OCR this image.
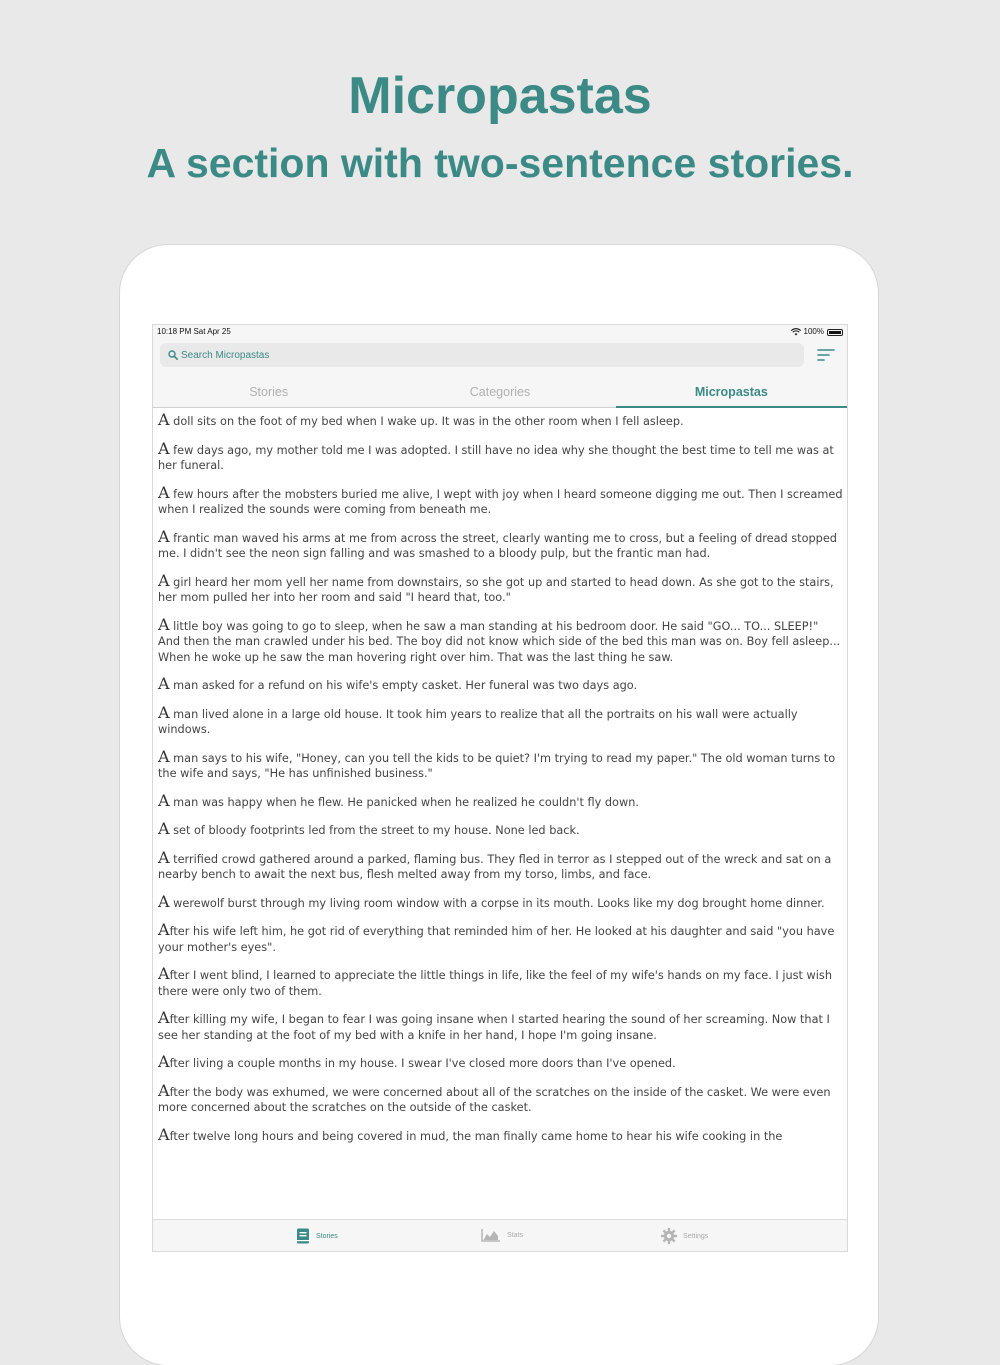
Micropastas
A section with two-sentence stories.
10:18 PM Sat Apr 25	100%
Search Micropastas
Stories	Categories	Micropastas

A doll sits on the foot of my bed when I wake up. It was in the other room when I fell asleep.

A few days ago, my mother told me I was adopted. I still have no idea why she thought the best time to tell me was at her funeral.

A few hours after the mobsters buried me alive, I wept with joy when I heard someone digging me out. Then I screamed when I realized the sounds were coming from beneath me.

A frantic man waved his arms at me from across the street, clearly wanting me to cross, but a feeling of dread stopped me. I didn't see the neon sign falling and was smashed to a bloody pulp, but the frantic man had.

A girl heard her mom yell her name from downstairs, so she got up and started to head down. As she got to the stairs, her mom pulled her into her room and said "I heard that, too."

A little boy was going to go to sleep, when he saw a man standing at his bedroom door. He said "GO... TO... SLEEP!" And then the man crawled under his bed. The boy did not know which side of the bed this man was on. Boy fell asleep... When he woke up he saw the man hovering right over him. That was the last thing he saw.

A man asked for a refund on his wife's empty casket. Her funeral was two days ago.

A man lived alone in a large old house. It took him years to realize that all the portraits on his wall were actually windows.

A man says to his wife, "Honey, can you tell the kids to be quiet? I'm trying to read my paper." The old woman turns to the wife and says, "He has unfinished business."

A man was happy when he flew. He panicked when he realized he couldn't fly down.

A set of bloody footprints led from the street to my house. None led back.

A terrified crowd gathered around a parked, flaming bus. They fled in terror as I stepped out of the wreck and sat on a nearby bench to await the next bus, flesh melted away from my torso, limbs, and face.

A werewolf burst through my living room window with a corpse in its mouth. Looks like my dog brought home dinner.

After his wife left him, he got rid of everything that reminded him of her. He looked at his daughter and said "you have your mother's eyes".

After I went blind, I learned to appreciate the little things in life, like the feel of my wife's hands on my face. I just wish there were only two of them.

After killing my wife, I began to fear I was going insane when I started hearing the sound of her screaming. Now that I see her standing at the foot of my bed with a knife in her hand, I hope I'm going insane.

After living a couple months in my house. I swear I've closed more doors than I've opened.

After the body was exhumed, we were concerned about all of the scratches on the inside of the casket. We were even more concerned about the scratches on the outside of the casket.

After twelve long hours and being covered in mud, the man finally came home to hear his wife cooking in the

Stories	Stats	Settings
